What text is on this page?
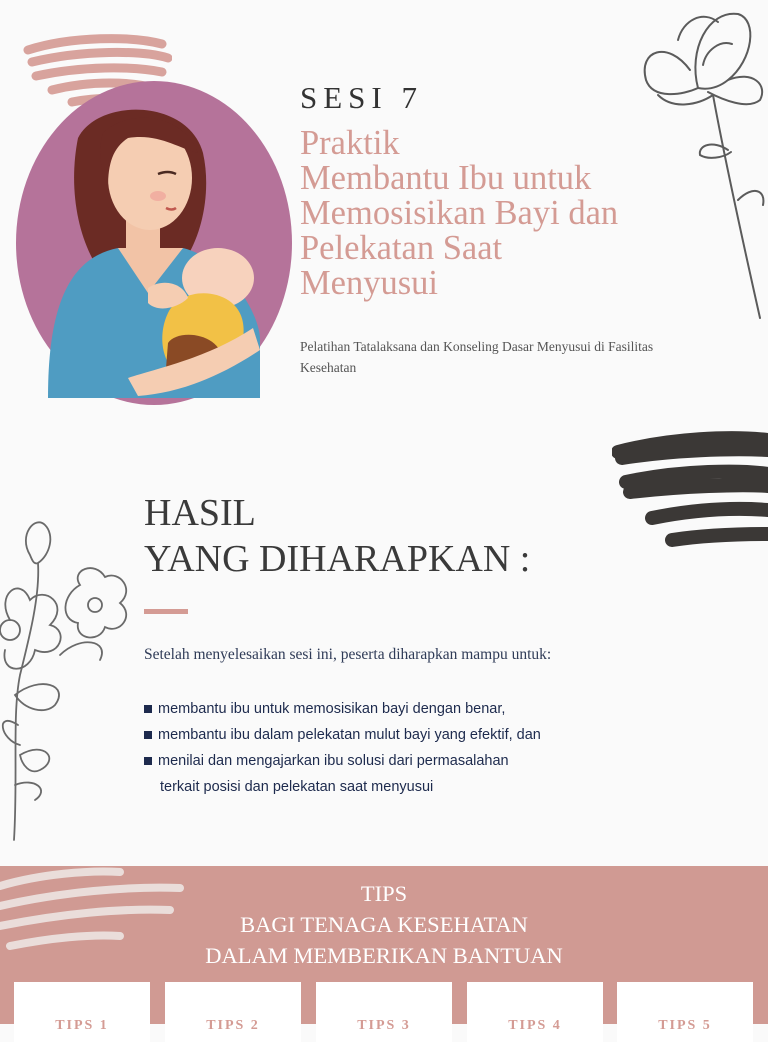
SESI 7
Praktik
Membantu Ibu untuk
Memosisikan Bayi dan
Pelekatan Saat
Menyusui
Pelatihan Tatalaksana dan Konseling Dasar Menyusui di Fasilitas Kesehatan
HASIL
YANG DIHARAPKAN :
Setelah menyelesaikan sesi ini, peserta diharapkan mampu untuk:
membantu ibu untuk memosisikan bayi dengan benar,
membantu ibu dalam pelekatan mulut bayi yang efektif, dan
menilai dan mengajarkan ibu solusi dari permasalahan
terkait posisi dan pelekatan saat menyusui
TIPS
BAGI TENAGA KESEHATAN
DALAM MEMBERIKAN BANTUAN
TIPS 1	TIPS 2	TIPS 3	TIPS 4	TIPS 5
